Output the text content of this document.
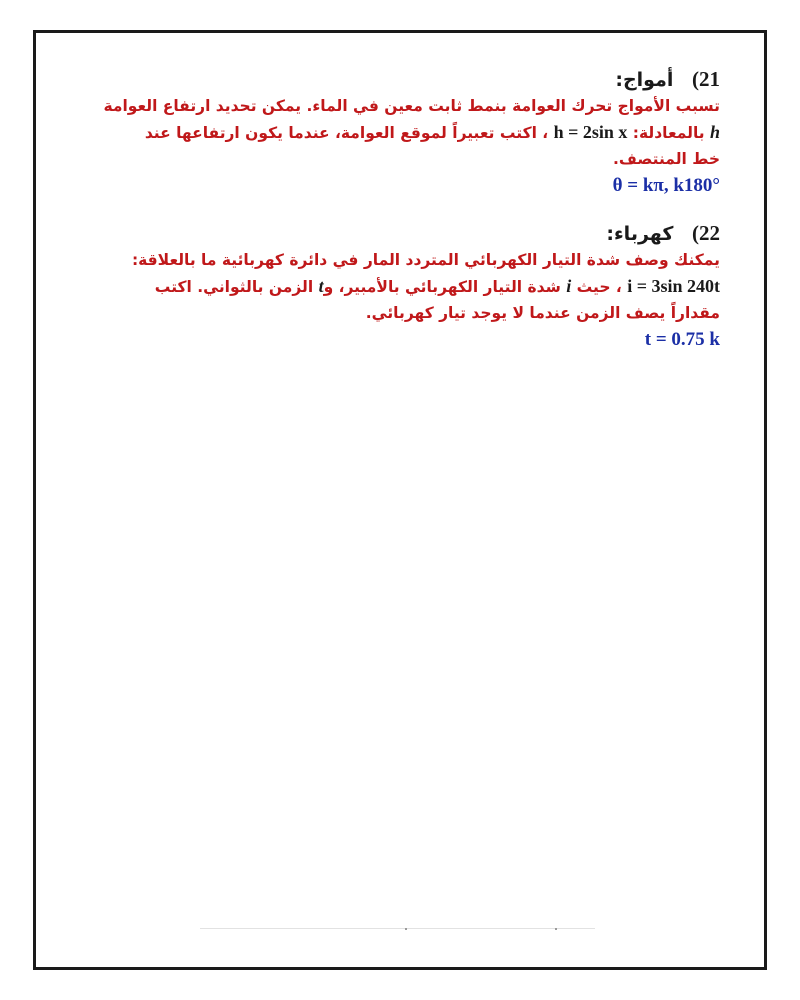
21) أمواج:

تسبب الأمواج تحرك العوامة بنمط ثابت معين في الماء. يمكن تحديد ارتفاع العوامة
h بالمعادلة: h = 2sin x ، اكتب تعبيراً لموقع العوامة، عندما يكون ارتفاعها عند
خط المنتصف.

θ = kπ, k180°

22) كهرباء:

يمكنك وصف شدة التيار الكهربائي المتردد المار في دائرة كهربائية ما بالعلاقة:
i = 3sin 240t ، حيث i شدة التيار الكهربائي بالأمبير، وt الزمن بالثواني. اكتب
مقداراً يصف الزمن عندما لا يوجد تيار كهربائي.

t = 0.75 k
